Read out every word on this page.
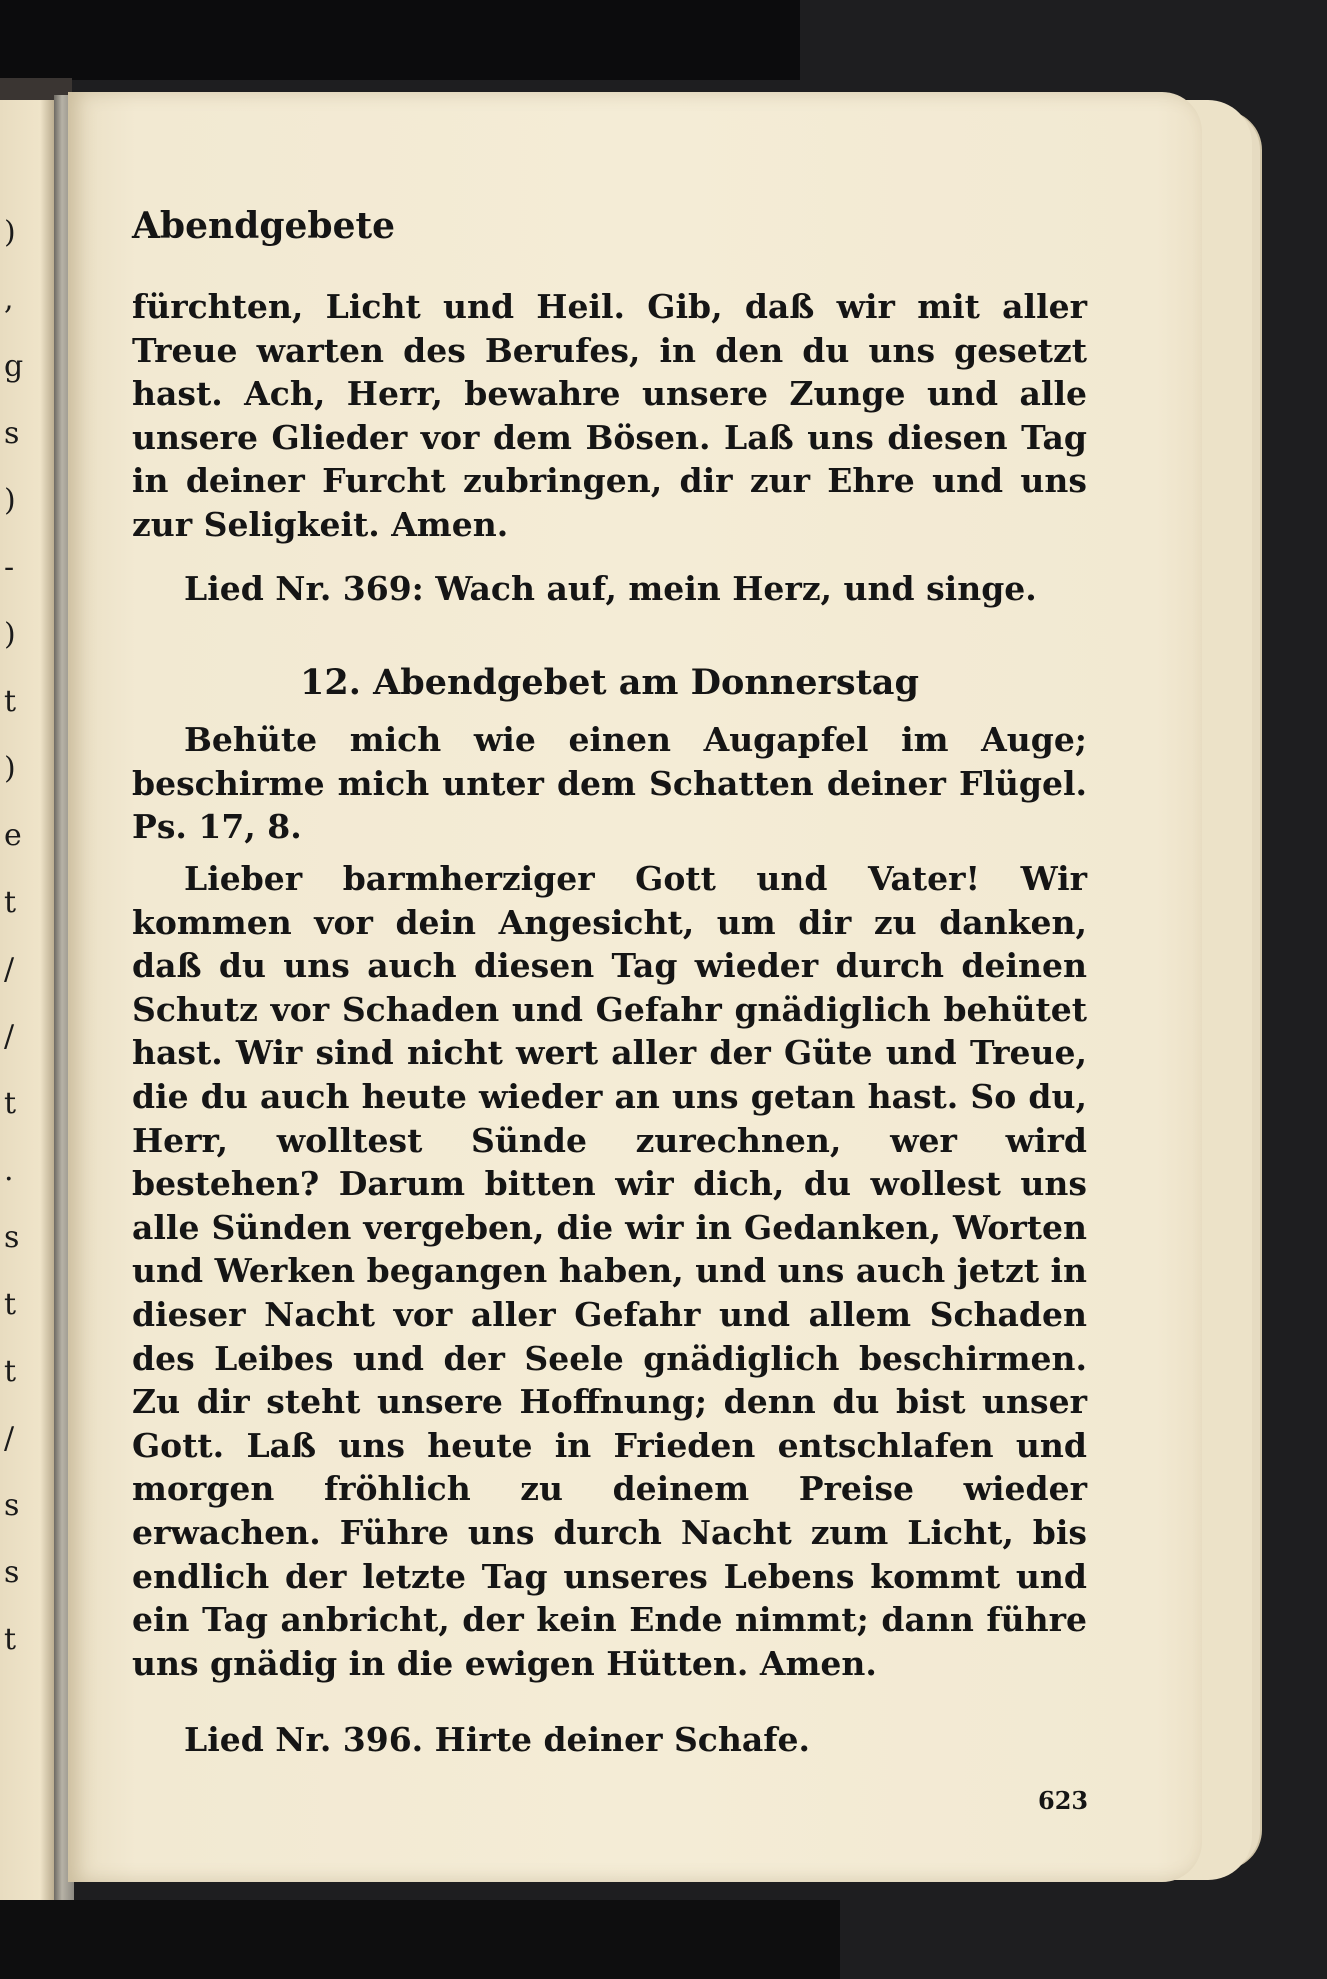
)
,
g
s
)
-
)
t
)
e
t
/
/
t
.
s
t
t
/
s
s
t
Abendgebete

fürchten, Licht und Heil. Gib, daß wir mit aller Treue warten des Berufes, in den du uns gesetzt hast. Ach, Herr, bewahre unsere Zunge und alle unsere Glieder vor dem Bösen. Laß uns diesen Tag in deiner Furcht zubringen, dir zur Ehre und uns zur Seligkeit. Amen.

Lied Nr. 369: Wach auf, mein Herz, und singe.

12. Abendgebet am Donnerstag

Behüte mich wie einen Augapfel im Auge; beschirme mich unter dem Schatten deiner Flügel. Ps. 17, 8.

Lieber barmherziger Gott und Vater! Wir kommen vor dein Angesicht, um dir zu danken, daß du uns auch diesen Tag wieder durch deinen Schutz vor Schaden und Gefahr gnädiglich behütet hast. Wir sind nicht wert aller der Güte und Treue, die du auch heute wieder an uns getan hast. So du, Herr, wolltest Sünde zurechnen, wer wird bestehen? Darum bitten wir dich, du wollest uns alle Sünden vergeben, die wir in Gedanken, Worten und Werken begangen haben, und uns auch jetzt in dieser Nacht vor aller Gefahr und allem Schaden des Leibes und der Seele gnädiglich beschirmen. Zu dir steht unsere Hoffnung; denn du bist unser Gott. Laß uns heute in Frieden entschlafen und morgen fröhlich zu deinem Preise wieder erwachen. Führe uns durch Nacht zum Licht, bis endlich der letzte Tag unseres Lebens kommt und ein Tag anbricht, der kein Ende nimmt; dann führe uns gnädig in die ewigen Hütten. Amen.

Lied Nr. 396. Hirte deiner Schafe.

623
